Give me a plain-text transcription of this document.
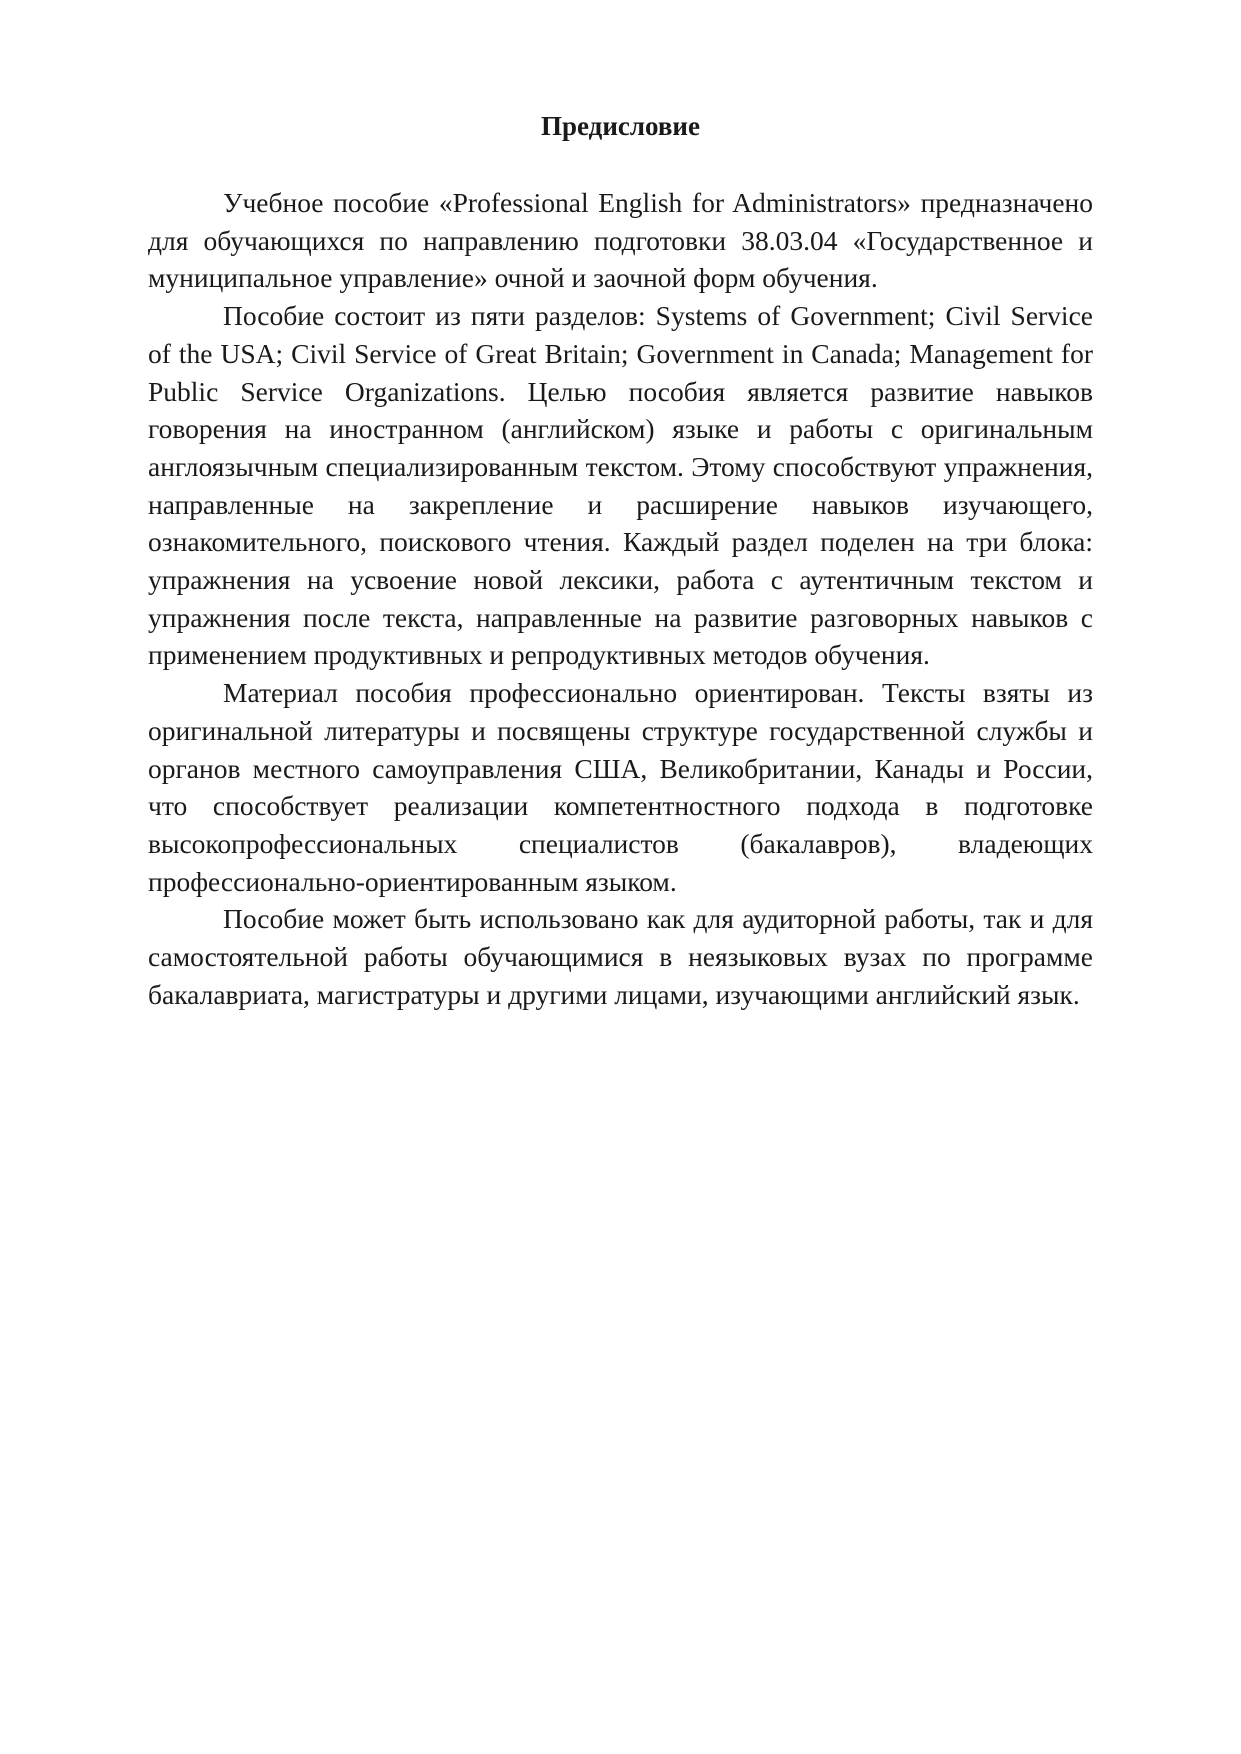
Предисловие

Учебное пособие «Professional English for Administrators» предназначено для обучающихся по направлению подготовки 38.03.04 «Государственное и муниципальное управление» очной и заочной форм обучения.

Пособие состоит из пяти разделов: Systems of Government; Civil Service of the USA; Civil Service of Great Britain; Government in Canada; Management for Public Service Organizations. Целью пособия является развитие навыков говорения на иностранном (английском) языке и работы с оригинальным англоязычным специализированным текстом. Этому способствуют упражнения, направленные на закрепление и расширение навыков изучающего, ознакомительного, поискового чтения. Каждый раздел поделен на три блока: упражнения на усвоение новой лексики, работа с аутентичным текстом и упражнения после текста, направленные на развитие разговорных навыков с применением продуктивных и репродуктивных методов обучения.

Материал пособия профессионально ориентирован. Тексты взяты из оригинальной литературы и посвящены структуре государственной службы и органов местного самоуправления США, Великобритании, Канады и России, что способствует реализации компетентностного подхода в подготовке высокопрофессиональных специалистов (бакалавров), владеющих профессионально-ориентированным языком.

Пособие может быть использовано как для аудиторной работы, так и для самостоятельной работы обучающимися в неязыковых вузах по программе бакалавриата, магистратуры и другими лицами, изучающими английский язык.
